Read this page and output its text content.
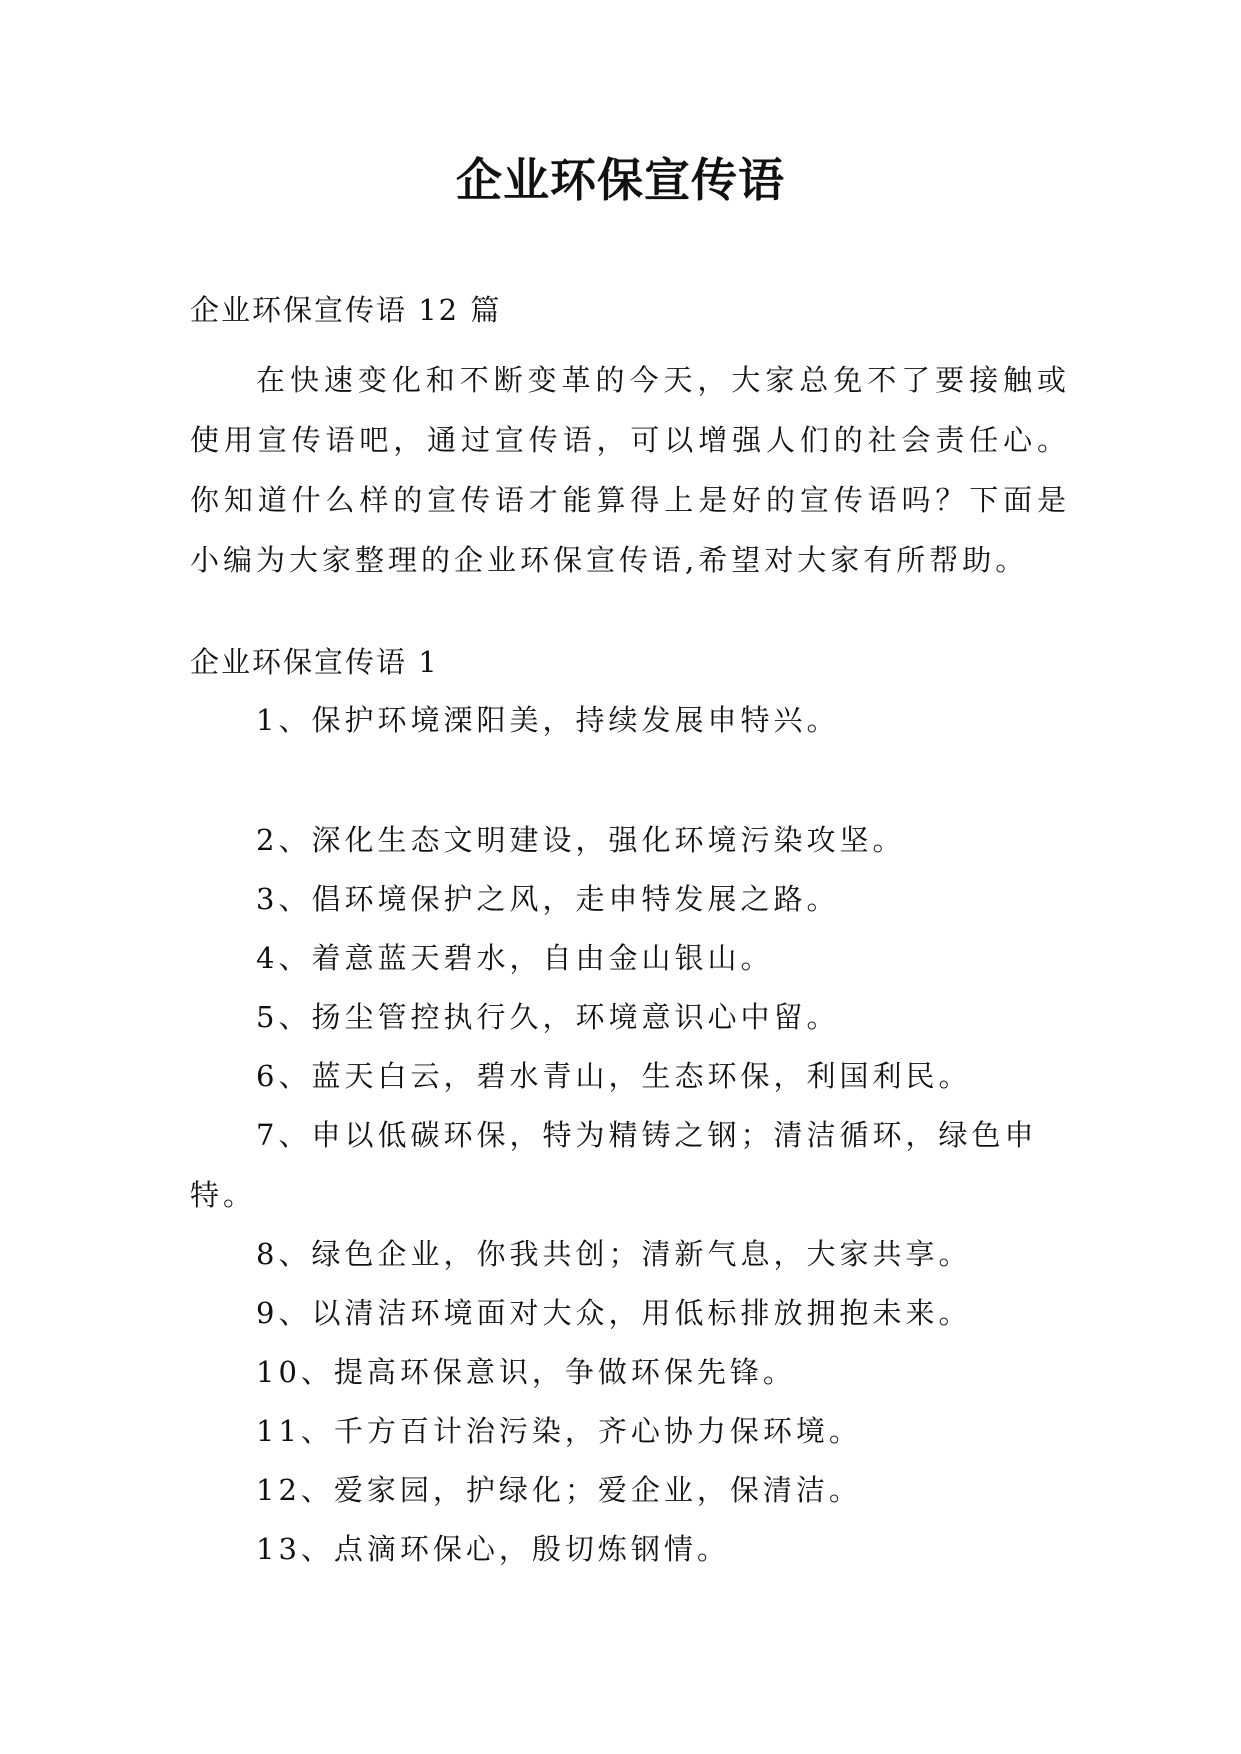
企业环保宣传语
企业环保宣传语 12 篇
在快速变化和不断变革的今天，大家总免不了要接触或使用宣传语吧，通过宣传语，可以增强人们的社会责任心。你知道什么样的宣传语才能算得上是好的宣传语吗？下面是小编为大家整理的企业环保宣传语,希望对大家有所帮助。
企业环保宣传语 1
1、保护环境溧阳美，持续发展申特兴。
2、深化生态文明建设，强化环境污染攻坚。
3、倡环境保护之风，走申特发展之路。
4、着意蓝天碧水，自由金山银山。
5、扬尘管控执行久，环境意识心中留。
6、蓝天白云，碧水青山，生态环保，利国利民。
7、申以低碳环保，特为精铸之钢；清洁循环，绿色申特。
8、绿色企业，你我共创；清新气息，大家共享。
9、以清洁环境面对大众，用低标排放拥抱未来。
10、提高环保意识，争做环保先锋。
11、千方百计治污染，齐心协力保环境。
12、爱家园，护绿化；爱企业，保清洁。
13、点滴环保心，殷切炼钢情。
